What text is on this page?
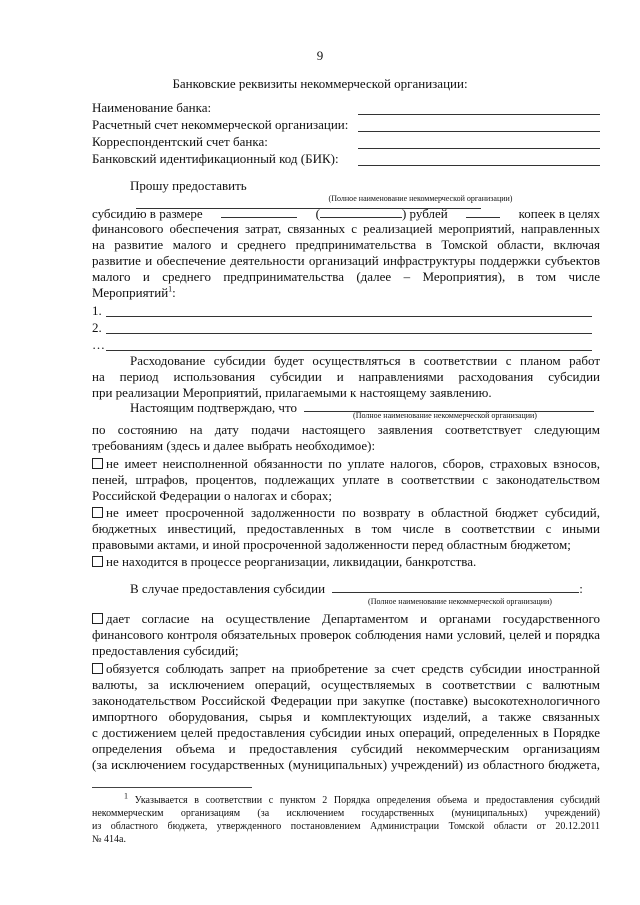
9
Банковские реквизиты некоммерческой организации:
Наименование банка:
Расчетный счет некоммерческой организации:
Корреспондентский счет банка:
Банковский идентификационный код (БИК):
Прошу предоставить
(Полное наименование некоммерческой организации)
субсидию в размере	(	) рублей	копеек в целях
финансового обеспечения затрат, связанных с реализацией мероприятий, направленных
на развитие малого и среднего предпринимательства в Томской области, включая
развитие и обеспечение деятельности организаций инфраструктуры поддержки субъектов
малого и среднего предпринимательства (далее – Мероприятия), в том числе
Мероприятий$^1$:
1.
2.
…
Расходование субсидии будет осуществляться в соответствии с планом работ
на период использования субсидии и направлениями расходования субсидии
при реализации Мероприятий, прилагаемыми к настоящему заявлению.
Настоящим подтверждаю, что
(Полное наименование некоммерческой организации)
по состоянию на дату подачи настоящего заявления соответствует следующим
требованиям (здесь и далее выбрать необходимое):
не имеет неисполненной обязанности по уплате налогов, сборов, страховых взносов,
пеней, штрафов, процентов, подлежащих уплате в соответствии с законодательством
Российской Федерации о налогах и сборах;
не имеет просроченной задолженности по возврату в областной бюджет субсидий,
бюджетных инвестиций, предоставленных в том числе в соответствии с иными
правовыми актами, и иной просроченной задолженности перед областным бюджетом;
не находится в процессе реорганизации, ликвидации, банкротства.
В случае предоставления субсидии	:
(Полное наименование некоммерческой организации)
дает согласие на осуществление Департаментом и органами государственного
финансового контроля обязательных проверок соблюдения нами условий, целей и порядка
предоставления субсидий;
обязуется соблюдать запрет на приобретение за счет средств субсидии иностранной
валюты, за исключением операций, осуществляемых в соответствии с валютным
законодательством Российской Федерации при закупке (поставке) высокотехнологичного
импортного оборудования, сырья и комплектующих изделий, а также связанных
с достижением целей предоставления субсидии иных операций, определенных в Порядке
определения объема и предоставления субсидий некоммерческим организациям
(за исключением государственных (муниципальных) учреждений) из областного бюджета,
$^1$ Указывается в соответствии с пунктом 2 Порядка определения объема и предоставления субсидий
некоммерческим организациям (за исключением государственных (муниципальных) учреждений)
из областного бюджета, утвержденного постановлением Администрации Томской области от 20.12.2011
№ 414а.
